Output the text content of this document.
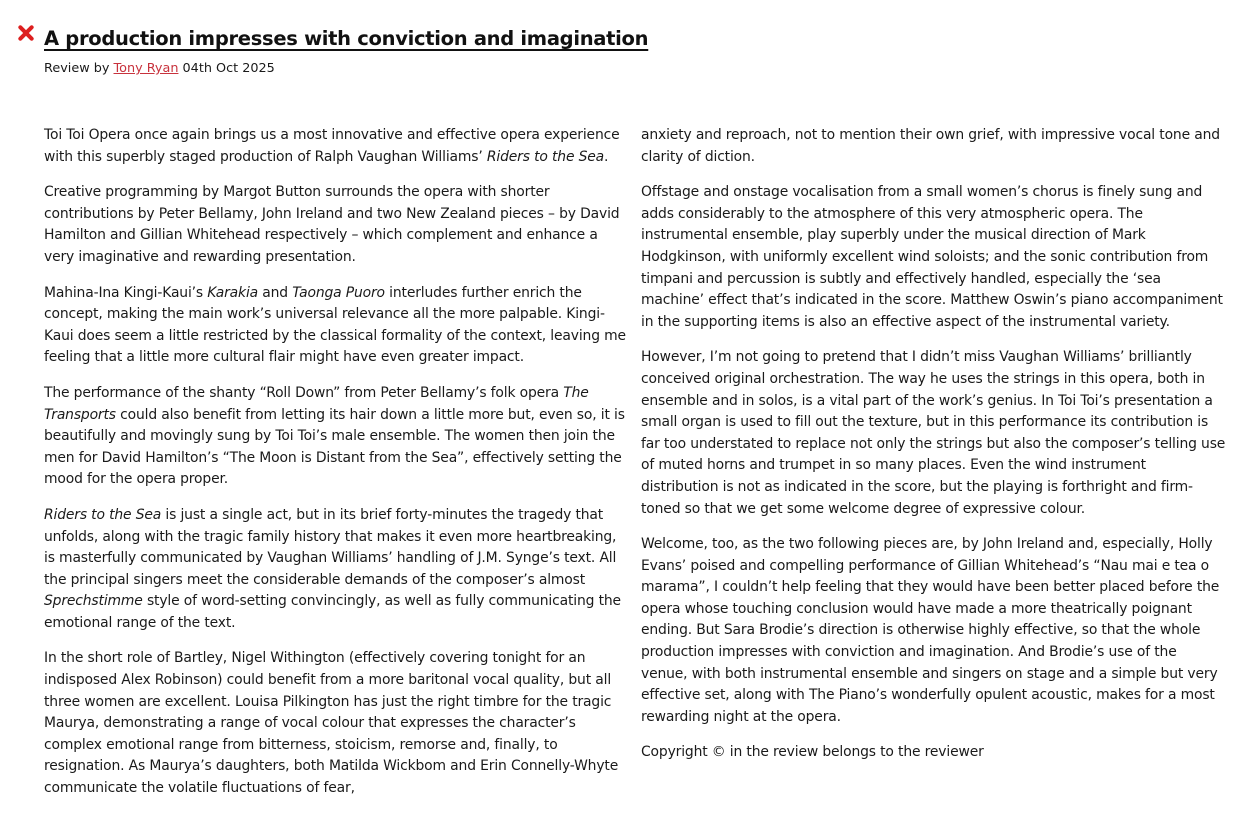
A production impresses with conviction and imagination
Review by Tony Ryan 04th Oct 2025

Toi Toi Opera once again brings us a most innovative and effective opera experience with this superbly staged production of Ralph Vaughan Williams’ Riders to the Sea.

Creative programming by Margot Button surrounds the opera with shorter contributions by Peter Bellamy, John Ireland and two New Zealand pieces – by David Hamilton and Gillian Whitehead respectively – which complement and enhance a very imaginative and rewarding presentation.

Mahina-Ina Kingi-Kaui’s Karakia and Taonga Puoro interludes further enrich the concept, making the main work’s universal relevance all the more palpable. Kingi-Kaui does seem a little restricted by the classical formality of the context, leaving me feeling that a little more cultural flair might have even greater impact.

The performance of the shanty “Roll Down” from Peter Bellamy’s folk opera The Transports could also benefit from letting its hair down a little more but, even so, it is beautifully and movingly sung by Toi Toi’s male ensemble. The women then join the men for David Hamilton’s “The Moon is Distant from the Sea”, effectively setting the mood for the opera proper.

Riders to the Sea is just a single act, but in its brief forty-minutes the tragedy that unfolds, along with the tragic family history that makes it even more heartbreaking, is masterfully communicated by Vaughan Williams’ handling of J.M. Synge’s text. All the principal singers meet the considerable demands of the composer’s almost Sprechstimme style of word-setting convincingly, as well as fully communicating the emotional range of the text.

In the short role of Bartley, Nigel Withington (effectively covering tonight for an indisposed Alex Robinson) could benefit from a more baritonal vocal quality, but all three women are excellent. Louisa Pilkington has just the right timbre for the tragic Maurya, demonstrating a range of vocal colour that expresses the character’s complex emotional range from bitterness, stoicism, remorse and, finally, to resignation. As Maurya’s daughters, both Matilda Wickbom and Erin Connelly-Whyte communicate the volatile fluctuations of fear,

anxiety and reproach, not to mention their own grief, with impressive vocal tone and clarity of diction.

Offstage and onstage vocalisation from a small women’s chorus is finely sung and adds considerably to the atmosphere of this very atmospheric opera. The instrumental ensemble, play superbly under the musical direction of Mark Hodgkinson, with uniformly excellent wind soloists; and the sonic contribution from timpani and percussion is subtly and effectively handled, especially the ‘sea machine’ effect that’s indicated in the score. Matthew Oswin’s piano accompaniment in the supporting items is also an effective aspect of the instrumental variety.

However, I’m not going to pretend that I didn’t miss Vaughan Williams’ brilliantly conceived original orchestration. The way he uses the strings in this opera, both in ensemble and in solos, is a vital part of the work’s genius. In Toi Toi’s presentation a small organ is used to fill out the texture, but in this performance its contribution is far too understated to replace not only the strings but also the composer’s telling use of muted horns and trumpet in so many places. Even the wind instrument distribution is not as indicated in the score, but the playing is forthright and firm-toned so that we get some welcome degree of expressive colour.

Welcome, too, as the two following pieces are, by John Ireland and, especially, Holly Evans’ poised and compelling performance of Gillian Whitehead’s “Nau mai e tea o marama”, I couldn’t help feeling that they would have been better placed before the opera whose touching conclusion would have made a more theatrically poignant ending. But Sara Brodie’s direction is otherwise highly effective, so that the whole production impresses with conviction and imagination. And Brodie’s use of the venue, with both instrumental ensemble and singers on stage and a simple but very effective set, along with The Piano’s wonderfully opulent acoustic, makes for a most rewarding night at the opera.

Copyright © in the review belongs to the reviewer
